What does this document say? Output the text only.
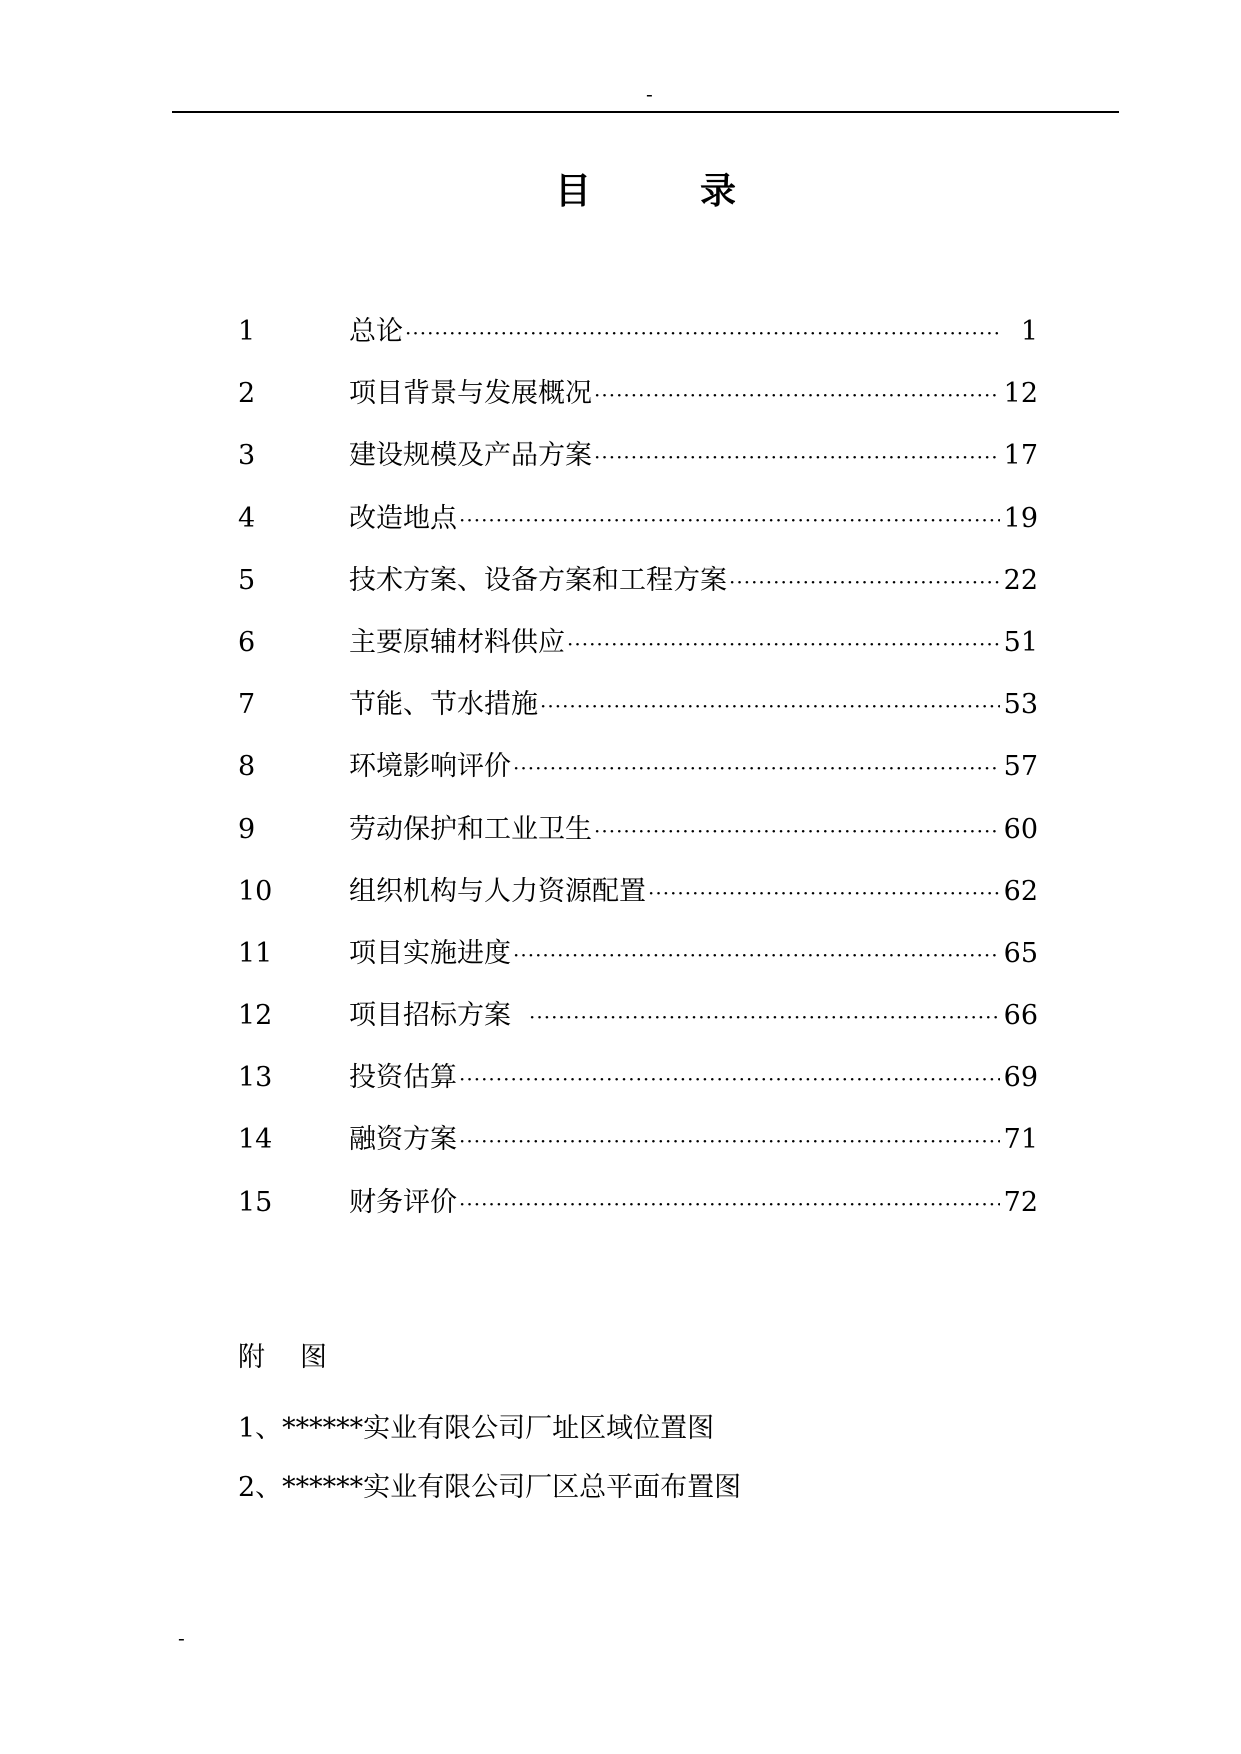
-
目	录
1	总论 ·····	1
2	项目背景与发展概况 ·····	12
3	建设规模及产品方案 ·····	17
4	改造地点 ·····	19
5	技术方案、设备方案和工程方案 ·····	22
6	主要原辅材料供应 ·····	51
7	节能、节水措施 ·····	53
8	环境影响评价 ·····	57
9	劳动保护和工业卫生 ·····	60
10	组织机构与人力资源配置 ·····	62
11	项目实施进度 ·····	65
12	项目招标方案 ·····	66
13	投资估算 ·····	69
14	融资方案 ·····	71
15	财务评价 ·····	72
附 图
1、******实业有限公司厂址区域位置图
2、******实业有限公司厂区总平面布置图
-
